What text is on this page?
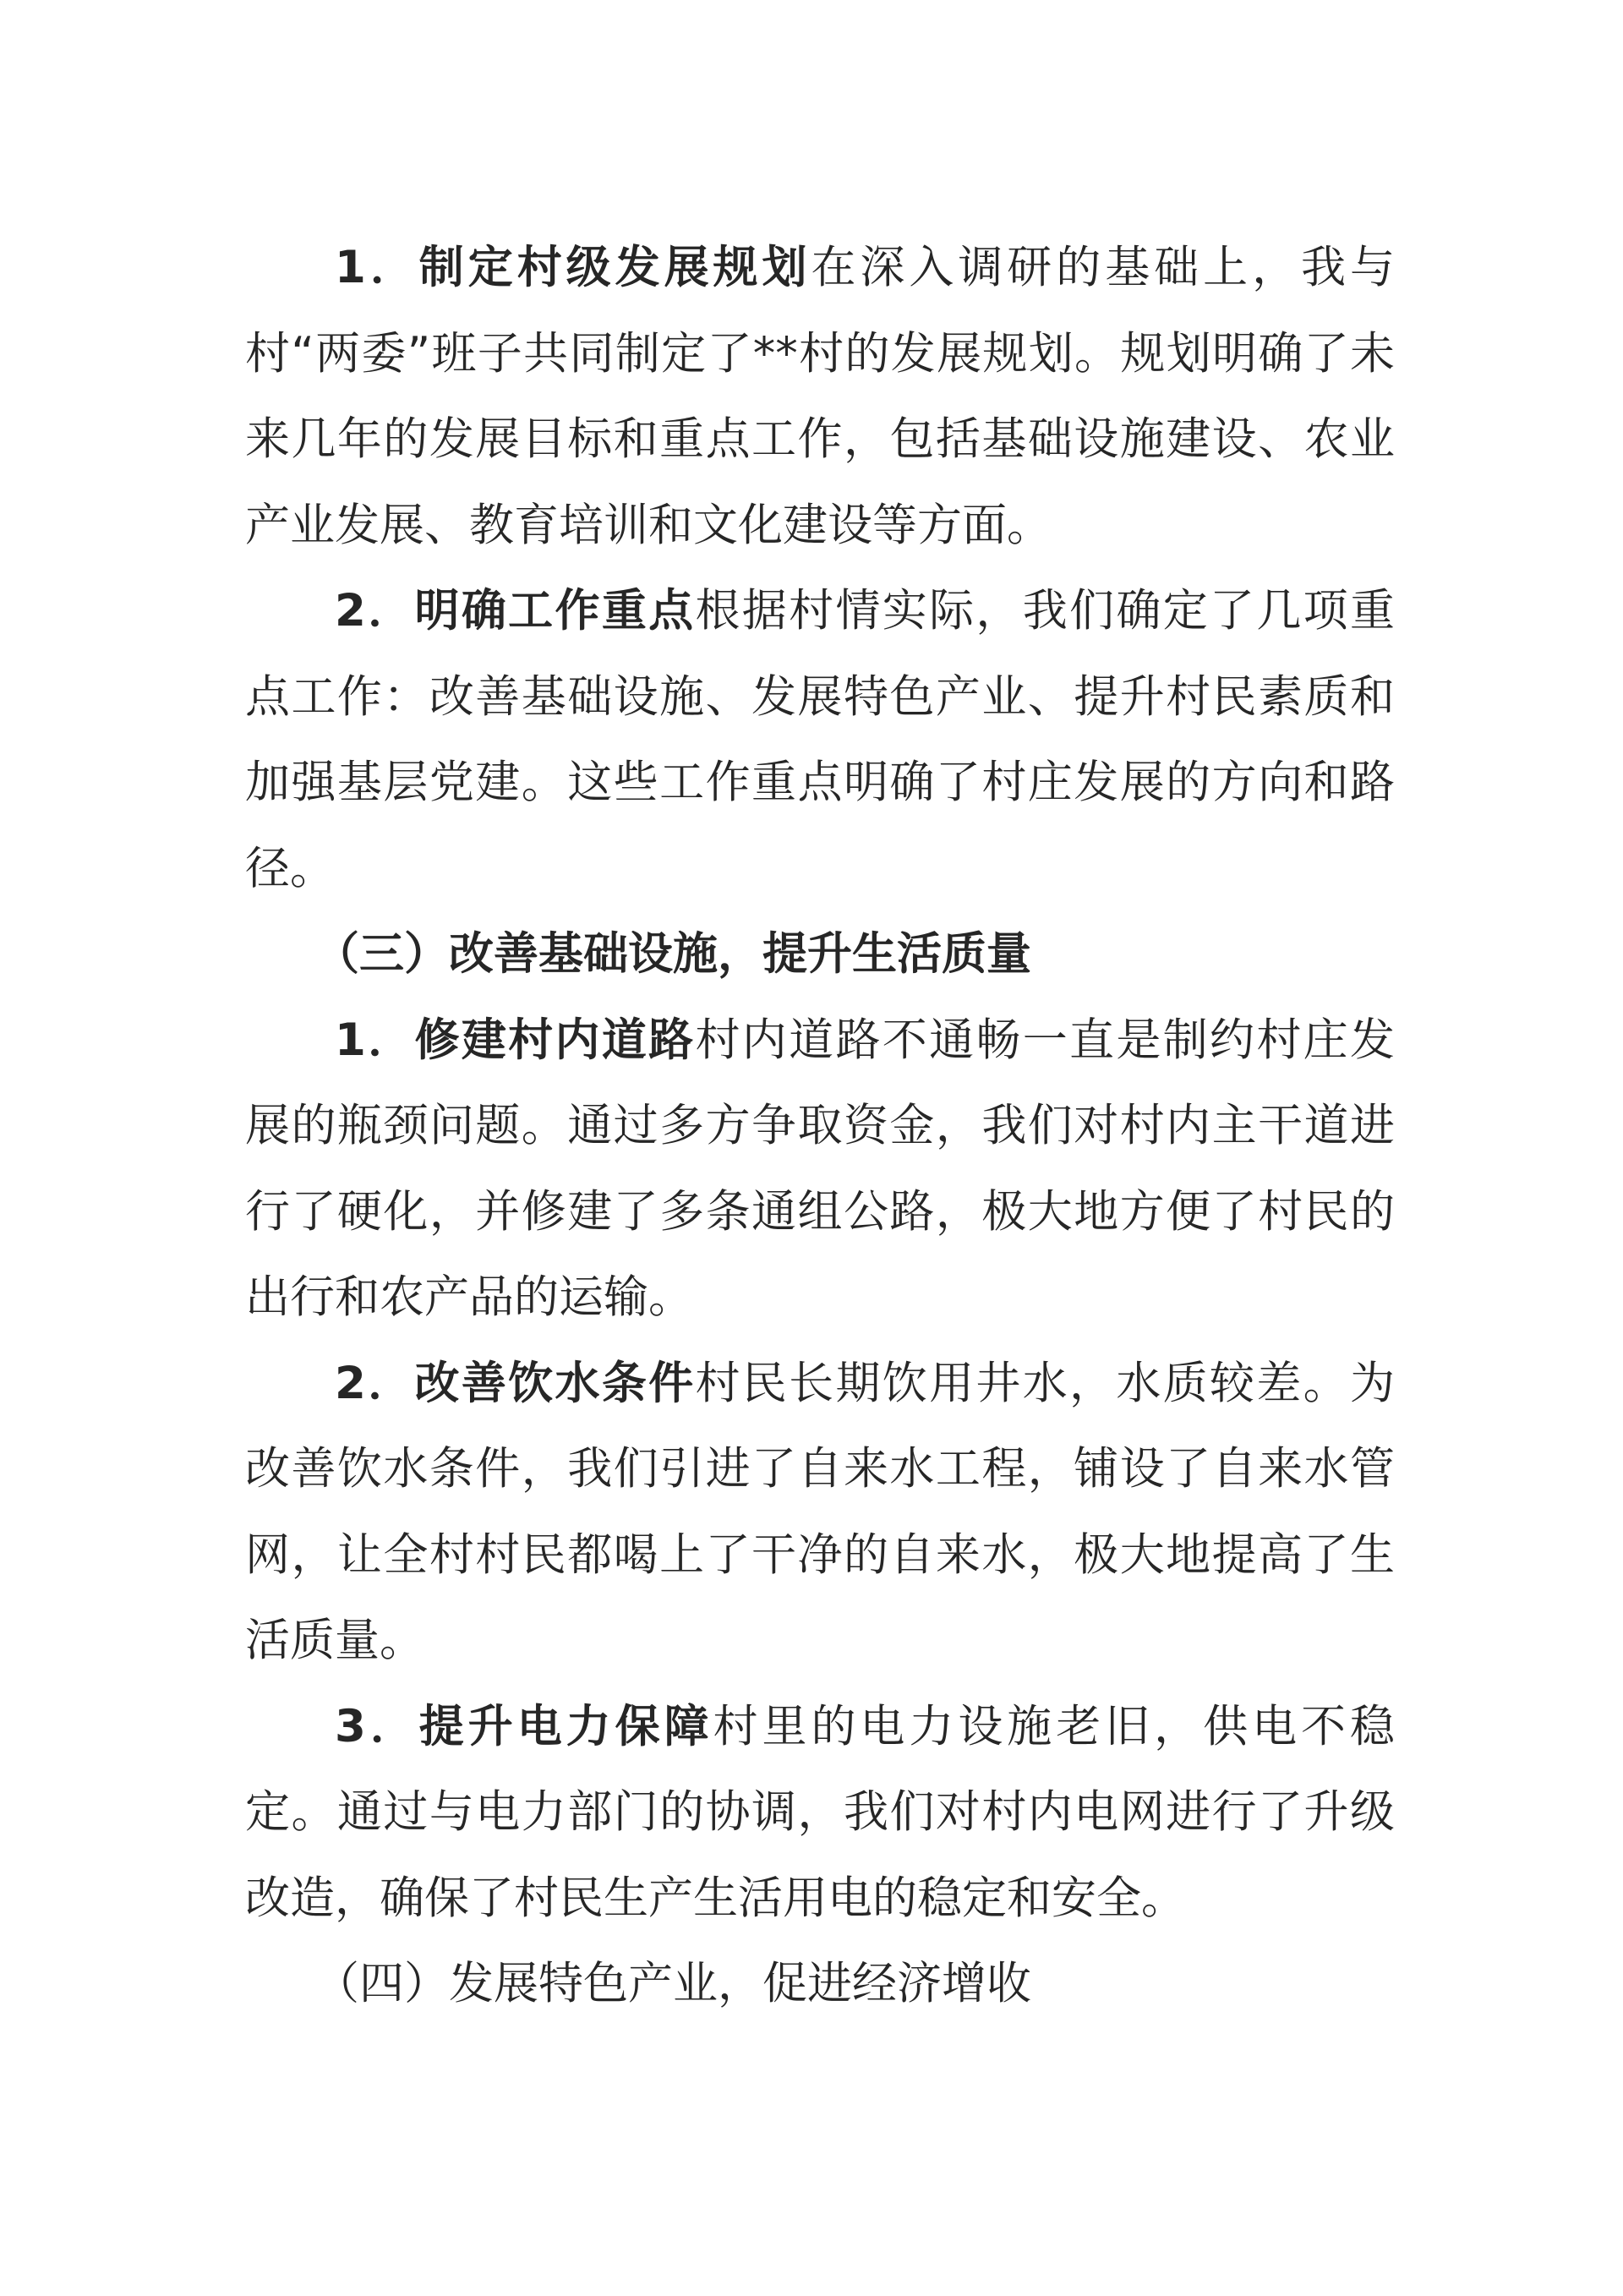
1．制定村级发展规划在深入调研的基础上，我与村“两委”班子共同制定了**村的发展规划。规划明确了未来几年的发展目标和重点工作，包括基础设施建设、农业产业发展、教育培训和文化建设等方面。

2．明确工作重点根据村情实际，我们确定了几项重点工作：改善基础设施、发展特色产业、提升村民素质和加强基层党建。这些工作重点明确了村庄发展的方向和路径。

（三）改善基础设施，提升生活质量

1．修建村内道路村内道路不通畅一直是制约村庄发展的瓶颈问题。通过多方争取资金，我们对村内主干道进行了硬化，并修建了多条通组公路，极大地方便了村民的出行和农产品的运输。

2．改善饮水条件村民长期饮用井水，水质较差。为改善饮水条件，我们引进了自来水工程，铺设了自来水管网，让全村村民都喝上了干净的自来水，极大地提高了生活质量。

3．提升电力保障村里的电力设施老旧，供电不稳定。通过与电力部门的协调，我们对村内电网进行了升级改造，确保了村民生产生活用电的稳定和安全。

（四）发展特色产业，促进经济增收
